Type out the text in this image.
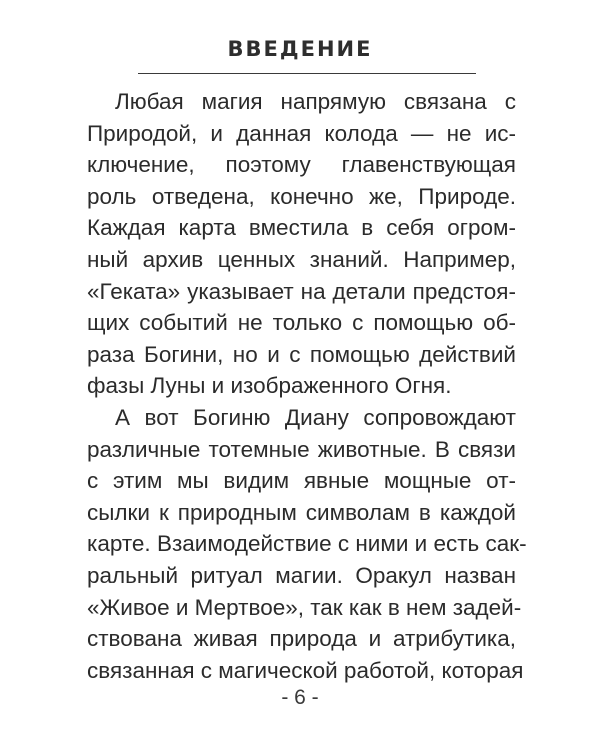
ВВЕДЕНИЕ
Любая магия напрямую связана с
Природой, и данная колода — не ис-
ключение, поэтому главенствующая
роль отведена, конечно же, Природе.
Каждая карта вместила в себя огром-
ный архив ценных знаний. Например,
«Геката» указывает на детали предстоя-
щих событий не только с помощью об-
раза Богини, но и с помощью действий
фазы Луны и изображенного Огня.
А вот Богиню Диану сопровождают
различные тотемные животные. В связи
с этим мы видим явные мощные от-
сылки к природным символам в каждой
карте. Взаимодействие с ними и есть сак-
ральный ритуал магии. Оракул назван
«Живое и Мертвое», так как в нем задей-
ствована живая природа и атрибутика,
связанная с магической работой, которая
- 6 -
